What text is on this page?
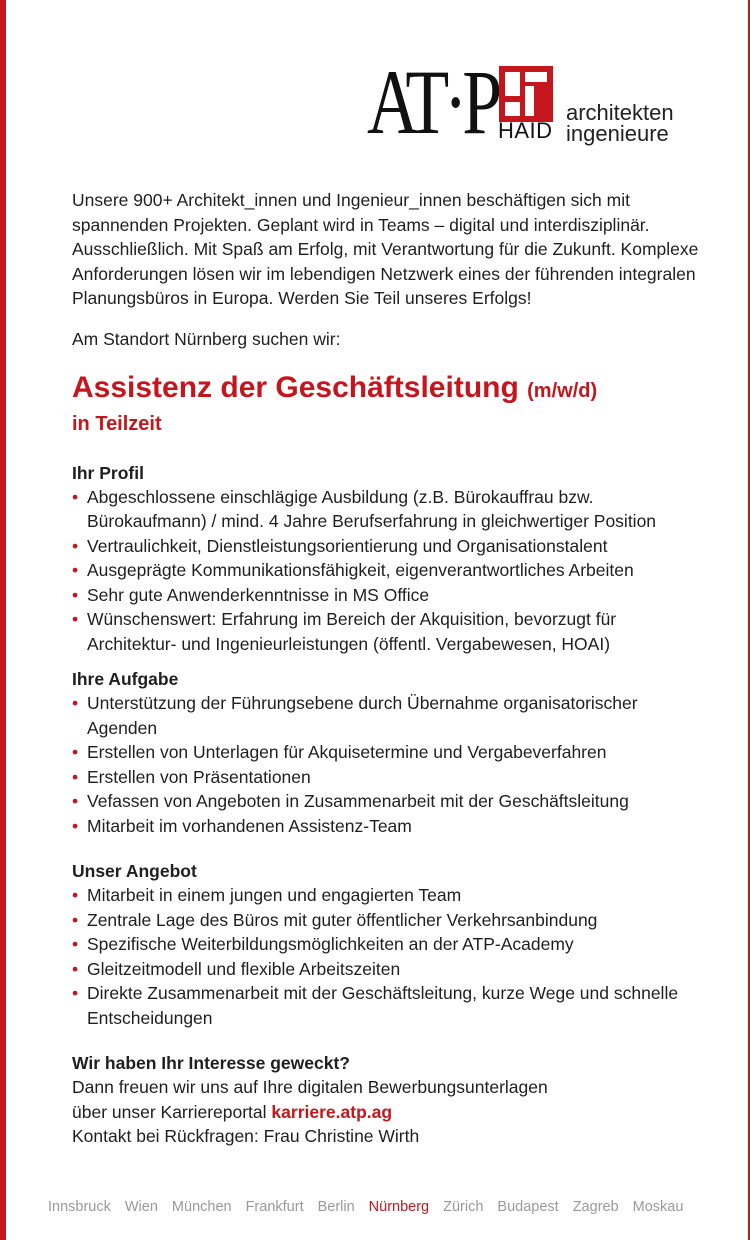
AT·P HAID
architekten
ingenieure

Unsere 900+ Architekt_innen und Ingenieur_innen beschäftigen sich mit spannenden Projekten. Geplant wird in Teams – digital und interdisziplinär. Ausschließlich. Mit Spaß am Erfolg, mit Verantwortung für die Zukunft. Komplexe Anforderungen lösen wir im lebendigen Netzwerk eines der führenden integralen Planungsbüros in Europa. Werden Sie Teil unseres Erfolgs!

Am Standort Nürnberg suchen wir:

Assistenz der Geschäftsleitung (m/w/d)
in Teilzeit
Ihr Profil
• Abgeschlossene einschlägige Ausbildung (z.B. Bürokauffrau bzw. Bürokaufmann) / mind. 4 Jahre Berufserfahrung in gleichwertiger Position
• Vertraulichkeit, Dienstleistungsorientierung und Organisationstalent
• Ausgeprägte Kommunikationsfähigkeit, eigenverantwortliches Arbeiten
• Sehr gute Anwenderkenntnisse in MS Office
• Wünschenswert: Erfahrung im Bereich der Akquisition, bevorzugt für Architektur- und Ingenieurleistungen (öffentl. Vergabewesen, HOAI)
Ihre Aufgabe
• Unterstützung der Führungsebene durch Übernahme organisatorischer Agenden
• Erstellen von Unterlagen für Akquisetermine und Vergabeverfahren
• Erstellen von Präsentationen
• Vefassen von Angeboten in Zusammenarbeit mit der Geschäftsleitung
• Mitarbeit im vorhandenen Assistenz-Team
Unser Angebot
• Mitarbeit in einem jungen und engagierten Team
• Zentrale Lage des Büros mit guter öffentlicher Verkehrsanbindung
• Spezifische Weiterbildungsmöglichkeiten an der ATP-Academy
• Gleitzeitmodell und flexible Arbeitszeiten
• Direkte Zusammenarbeit mit der Geschäftsleitung, kurze Wege und schnelle Entscheidungen
Wir haben Ihr Interesse geweckt?

Dann freuen wir uns auf Ihre digitalen Bewerbungsunterlagen

über unser Karriereportal karriere.atp.ag

Kontakt bei Rückfragen: Frau Christine Wirth

Innsbruck Wien München Frankfurt Berlin Nürnberg Zürich Budapest Zagreb Moskau
